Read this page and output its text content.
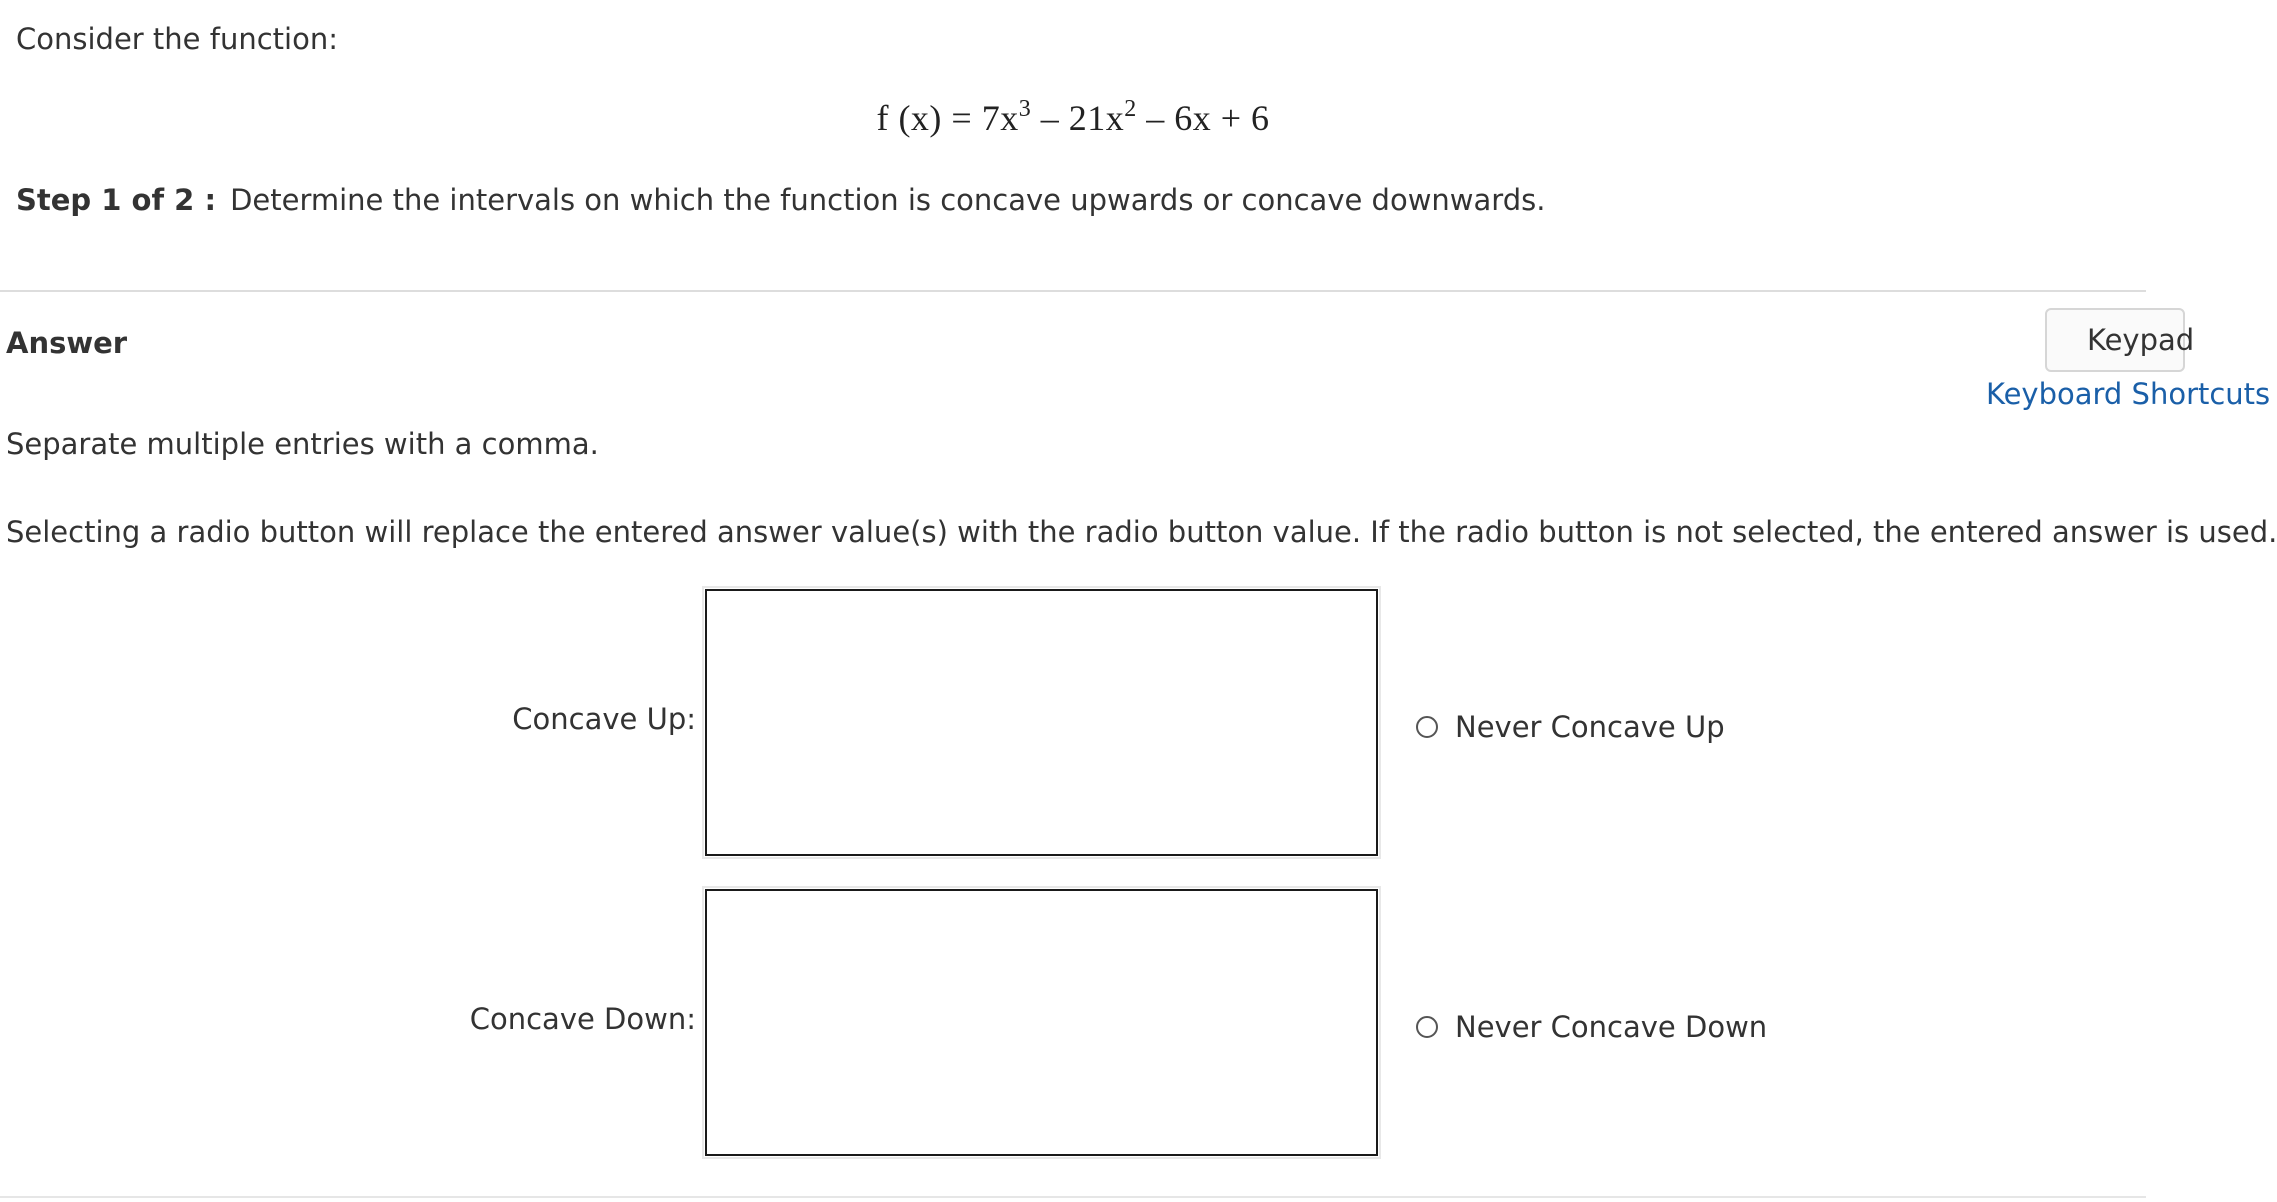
Consider the function:
f $(x) = 7x^3 - 21x^2 - 6x + 6$
Step 1 of 2 : Determine the intervals on which the function is concave upwards or concave downwards.
Answer	Keypad
Keyboard Shortcuts
Separate multiple entries with a comma.
Selecting a radio button will replace the entered answer value(s) with the radio button value. If the radio button is not selected, the entered answer is used.
Concave Up:	Never Concave Up
Concave Down:	Never Concave Down
